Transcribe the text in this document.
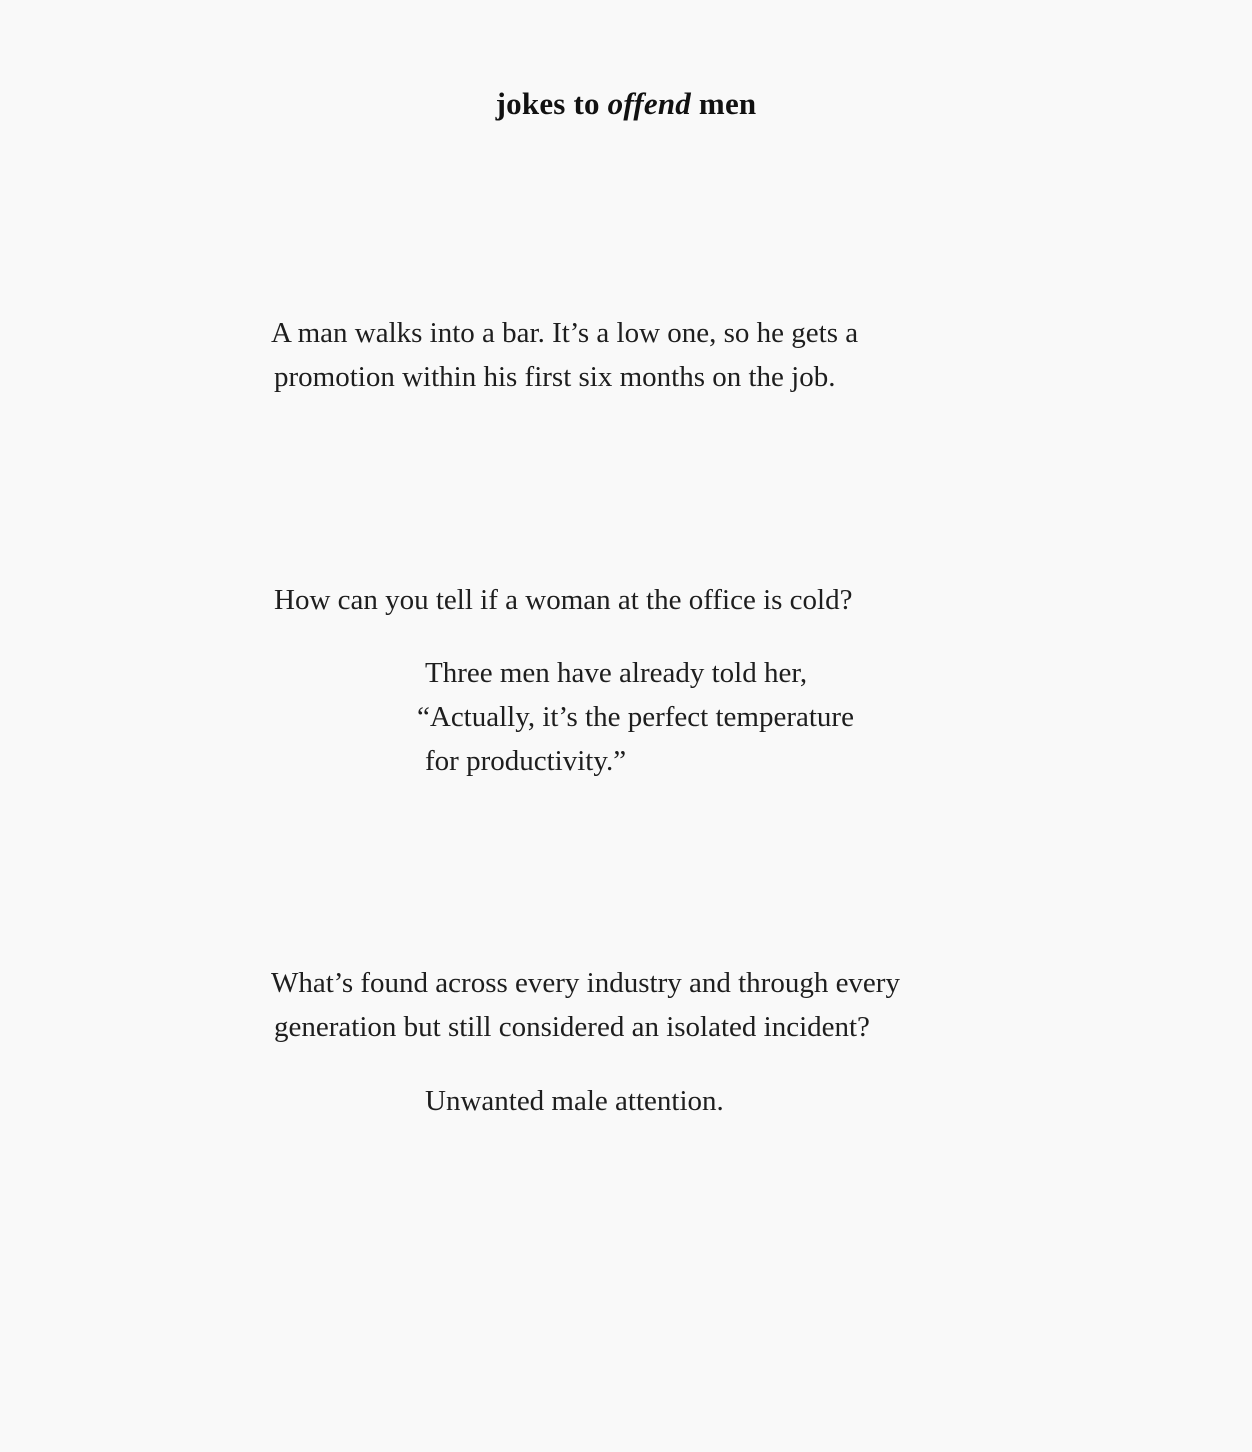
jokes to offend men
A man walks into a bar. It’s a low one, so he gets a
promotion within his first six months on the job.
How can you tell if a woman at the office is cold?
Three men have already told her,
“Actually, it’s the perfect temperature
for productivity.”
What’s found across every industry and through every
generation but still considered an isolated incident?
Unwanted male attention.
